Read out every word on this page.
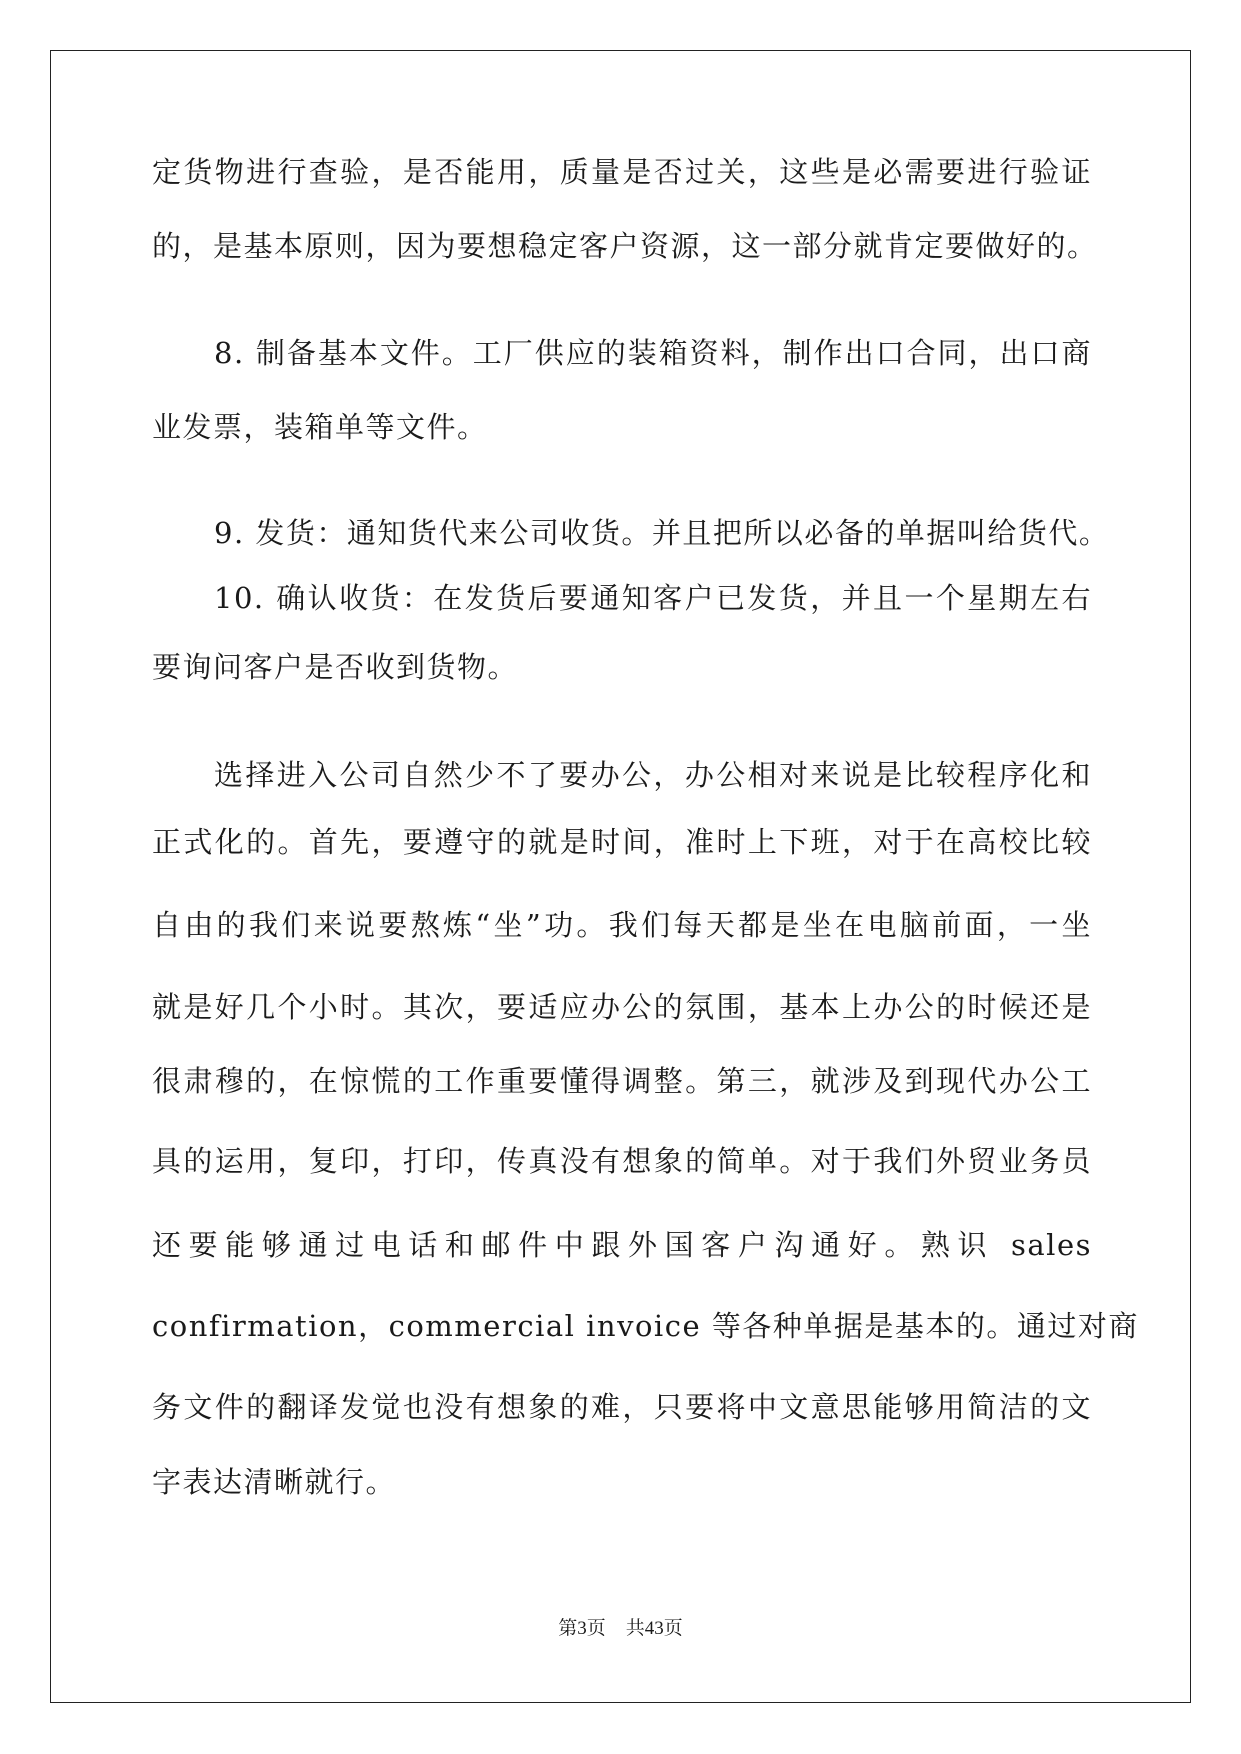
定货物进行查验，是否能用，质量是否过关，这些是必需要进行验证
的，是基本原则，因为要想稳定客户资源，这一部分就肯定要做好的。
8. 制备基本文件。工厂供应的装箱资料，制作出口合同，出口商
业发票，装箱单等文件。
9. 发货：通知货代来公司收货。并且把所以必备的单据叫给货代。
10. 确认收货：在发货后要通知客户已发货，并且一个星期左右
要询问客户是否收到货物。
选择进入公司自然少不了要办公，办公相对来说是比较程序化和
正式化的。首先，要遵守的就是时间，准时上下班，对于在高校比较
自由的我们来说要熬炼“坐”功。我们每天都是坐在电脑前面，一坐
就是好几个小时。其次，要适应办公的氛围，基本上办公的时候还是
很肃穆的，在惊慌的工作重要懂得调整。第三，就涉及到现代办公工
具的运用，复印，打印，传真没有想象的简单。对于我们外贸业务员
还要能够通过电话和邮件中跟外国客户沟通好。熟识 sales
confirmation，commercial invoice 等各种单据是基本的。通过对商
务文件的翻译发觉也没有想象的难，只要将中文意思能够用简洁的文
字表达清晰就行。
第3页 共43页
